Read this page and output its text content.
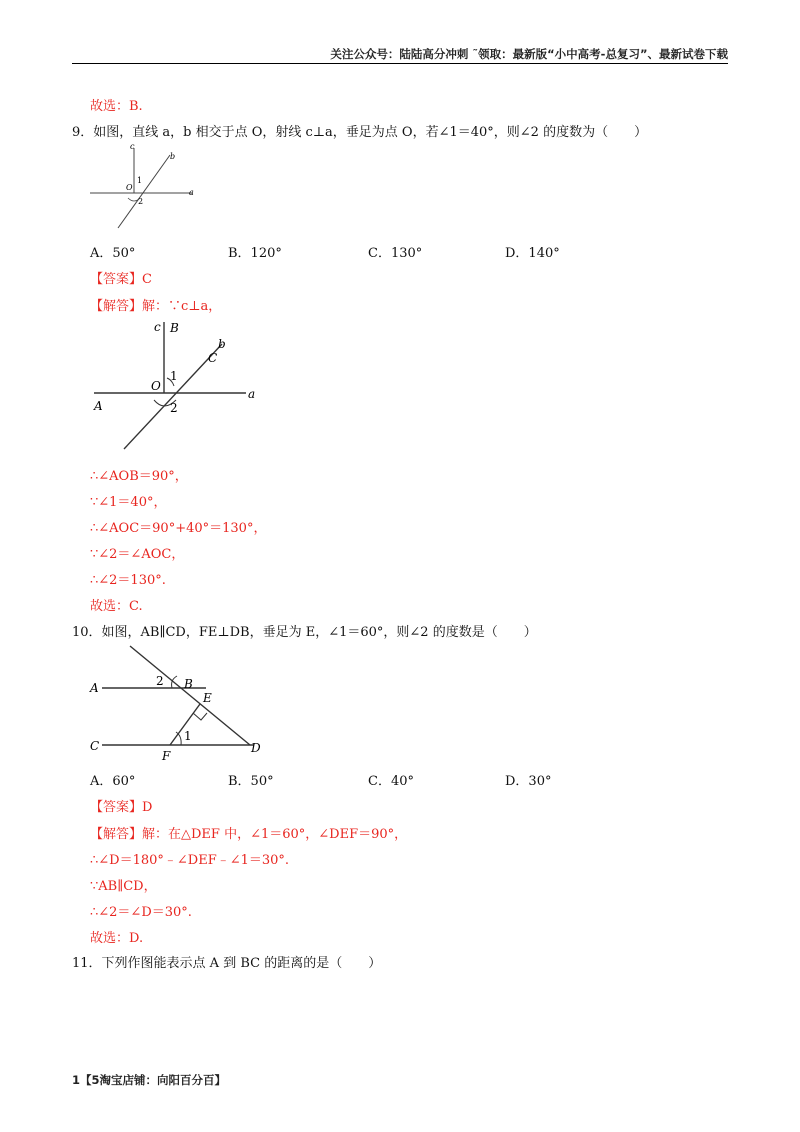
关注公众号：陆陆高分冲刺 ˜领取：最新版“小中高考-总复习”、最新试卷下载
故选：B.
9．如图，直线 a，b 相交于点 O，射线 c⊥a，垂足为点 O，若∠1＝40°，则∠2 的度数为（　　）
c
b
a
O
1
2
A．50°	B．120°	C．130°	D．140°
【答案】C
【解答】解：∵c⊥a，
c B
b
C
O
1
A	2
a
∴∠AOB＝90°，
∵∠1＝40°，
∴∠AOC＝90°+40°＝130°，
∵∠2＝∠AOC，
∴∠2＝130°.
故选：C.
10．如图，AB∥CD，FE⊥DB，垂足为 E，∠1＝60°，则∠2 的度数是（　　）
A	2 B
E
C
1
F
D
A．60°	B．50°	C．40°	D．30°
【答案】D
【解答】解：在△DEF 中，∠1＝60°，∠DEF＝90°，
∴∠D＝180°﹣∠DEF﹣∠1＝30°.
∵AB∥CD，
∴∠2＝∠D＝30°.
故选：D.
11．下列作图能表示点 A 到 BC 的距离的是（　　）
1【5淘宝店铺：向阳百分百】
